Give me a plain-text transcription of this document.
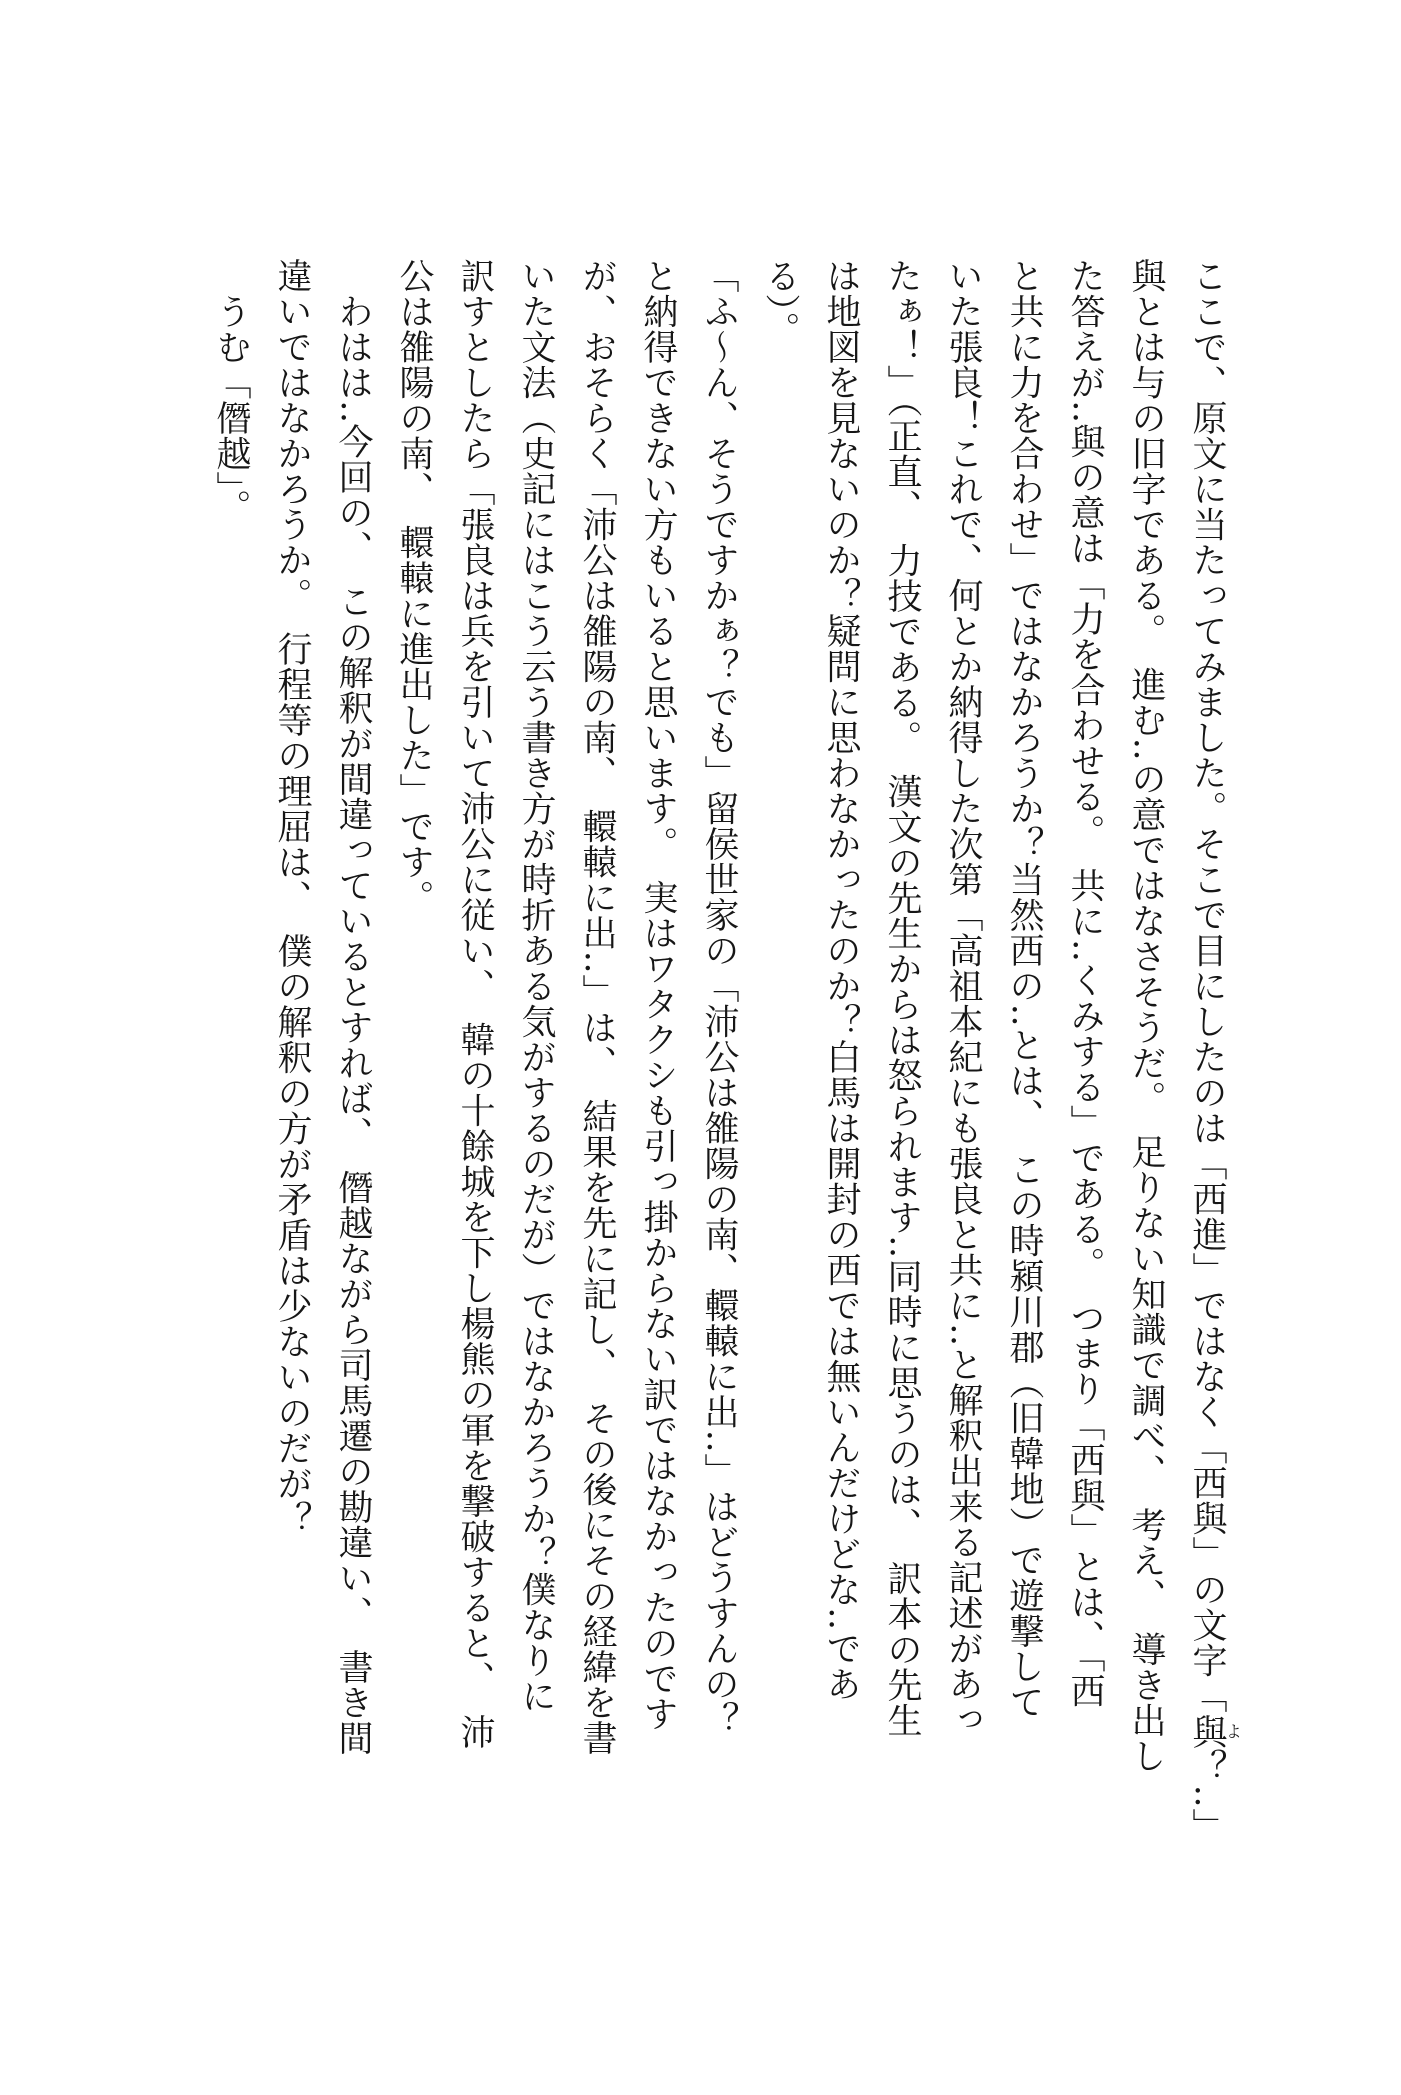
ここで、原文に当たってみました。そこで目にしたのは「西進」ではなく「西與」の文字「與よ？‥」
與とは与の旧字である。　進む‥の意ではなさそうだ。　足りない知識で調べ、　考え、　導き出し
た答えが‥與の意は「力を合わせる。　共に‥くみする」である。　つまり「西與」とは、「西
と共に力を合わせ」ではなかろうか？当然西の‥とは、　この時潁川郡（旧韓地）で遊撃して
いた張良！これで、何とか納得した次第「高祖本紀にも張良と共に‥と解釈出来る記述があっ
たぁ！」（正直、　力技である。　漢文の先生からは怒られます‥同時に思うのは、　訳本の先生
は地図を見ないのか？疑問に思わなかったのか？白馬は開封の西では無いんだけどな‥であ
る）。
「ふ〜ん、そうですかぁ？でも」留侯世家の「沛公は雒陽の南、轘轅に出‥」はどうすんの？
と納得できない方もいると思います。　実はワタクシも引っ掛からない訳ではなかったのです
が、おそらく「沛公は雒陽の南、　轘轅に出‥」は、　結果を先に記し、　その後にその経緯を書
いた文法（史記にはこう云う書き方が時折ある気がするのだが）ではなかろうか？僕なりに
訳すとしたら「張良は兵を引いて沛公に従い、　韓の十餘城を下し楊熊の軍を撃破すると、　沛
公は雒陽の南、　轘轅に進出した」です。
　わはは‥今回の、　この解釈が間違っているとすれば、　僭越ながら司馬遷の勘違い、　書き間
違いではなかろうか。　行程等の理屈は、　僕の解釈の方が矛盾は少ないのだが？
　うむ「僭越」。
